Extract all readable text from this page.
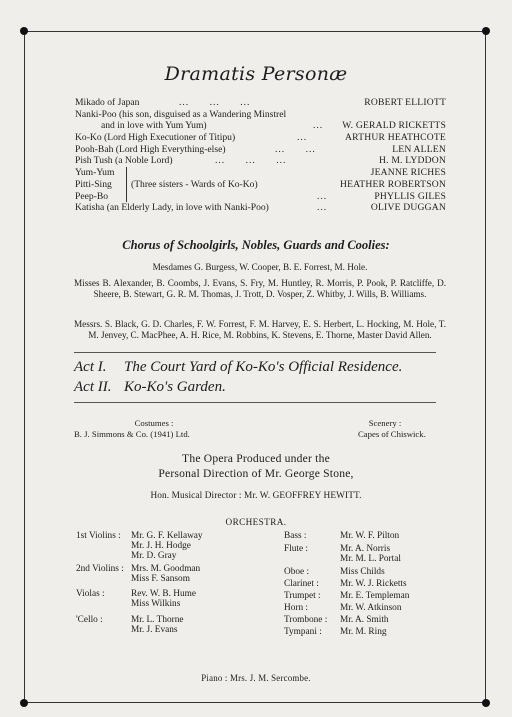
Dramatis Personæ
Mikado of Japan	... ... ...	ROBERT ELLIOTT
Nanki-Poo (his son, disguised as a Wandering Minstrel
and in love with Yum Yum)	... W. GERALD RICKETTS
Ko-Ko (Lord High Executioner of Titipu)	...	ARTHUR HEATHCOTE
Pooh-Bah (Lord High Everything-else)	... ...	LEN ALLEN
Pish Tush (a Noble Lord)	... ... ...	H. M. LYDDON
Yum-Yum	JEANNE RICHES
Pitti-Sing (Three sisters - Wards of Ko-Ko)	HEATHER ROBERTSON
Peep-Bo	...	PHYLLIS GILES
Katisha (an Elderly Lady, in love with Nanki-Poo)	...	OLIVE DUGGAN
Chorus of Schoolgirls, Nobles, Guards and Coolies:

Mesdames G. Burgess, W. Cooper, B. E. Forrest, M. Hole.

Misses B. Alexander, B. Coombs, J. Evans, S. Fry, M. Huntley, R. Morris, P. Pook, P. Ratcliffe, D. Sheere, B. Stewart, G. R. M. Thomas, J. Trott, D. Vosper, Z. Whitby, J. Wills, B. Williams.

Messrs. S. Black, G. D. Charles, F. W. Forrest, F. M. Harvey, E. S. Herbert, L. Hocking, M. Hole, T. M. Jenvey, C. MacPhee, A. H. Rice, M. Robbins, K. Stevens, E. Thorne, Master David Allen.

Act I. The Court Yard of Ko-Ko's Official Residence.
Act II. Ko-Ko's Garden.
Costumes :
B. J. Simmons & Co. (1941) Ltd.
Scenery :
Capes of Chiswick.
The Opera Produced under the
Personal Direction of Mr. George Stone,
Hon. Musical Director : Mr. W. GEOFFREY HEWITT.
ORCHESTRA.
1st Violins : Mr. G. F. Kellaway
Mr. J. H. Hodge
Mr. D. Gray
2nd Violins : Mrs. M. Goodman
Miss F. Sansom
Violas :	Rev. W. B. Hume
Miss Wilkins
'Cello :	Mr. L. Thorne
Mr. J. Evans
Bass :	Mr. W. F. Pilton
Flute :	Mr. A. Norris
Mr. M. L. Portal
Oboe :	Miss Childs
Clarinet : Mr. W. J. Ricketts
Trumpet : Mr. E. Templeman
Horn :	Mr. W. Atkinson
Trombone : Mr. A. Smith
Tympani : Mr. M. Ring
Piano : Mrs. J. M. Sercombe.
